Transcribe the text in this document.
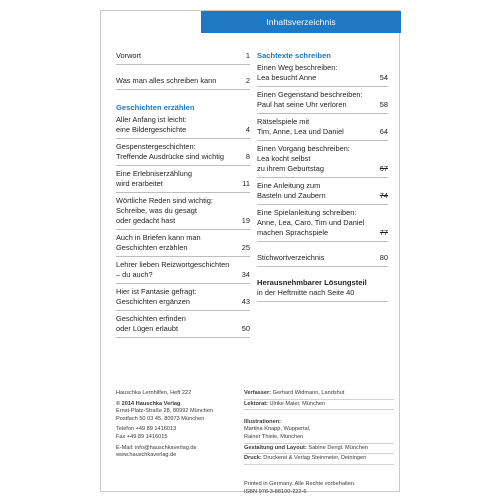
Inhaltsverzeichnis
Vorwort	1
Was man alles schreiben kann	2
Geschichten erzählen
Aller Anfang ist leicht:
eine Bildergeschichte	4
Gespenstergeschichten:
Treffende Ausdrücke sind wichtig	8
Eine Erlebniserzählung
wird erarbeitet	11
Wörtliche Reden sind wichtig:
Schreibe, was du gesagt
oder gedacht hast	19
Auch in Briefen kann man
Geschichten erzählen	25
Lehrer lieben Reizwortgeschichten
– du auch?	34
Hier ist Fantasie gefragt:
Geschichten ergänzen	43
Geschichten erfinden
oder Lügen erlaubt	50
Sachtexte schreiben
Einen Weg beschreiben:
Lea besucht Anne	54
Einen Gegenstand beschreiben:
Paul hat seine Uhr verloren	58
Rätselspiele mit
Tim, Anne, Lea und Daniel	64
Einen Vorgang beschreiben:
Lea kocht selbst
zu ihrem Geburtstag	67
Eine Anleitung zum
Basteln und Zaubern	74
Eine Spielanleitung schreiben:
Anne, Lea, Caro, Tim und Daniel
machen Sprachspiele	77
Stichwortverzeichnis	80
Herausnehmbarer Lösungsteil
in der Heftmitte nach Seite 40
Hauschka Lernhilfen, Heft 222
© 2014 Hauschka Verlag
Ernst-Platz-Straße 28, 80992 München
Postfach 50 03 45, 80973 München
Telefon +49 89 1416013
Fax +49 89 1416015
E-Mail: info@hauschkaverlag.de
www.hauschkaverlag.de
Verfasser: Gerhard Widmann, Landshut
Lektorat: Ulrike Maier, München

Illustrationen:
Martina Knapp, Wuppertal,
Rainer Thiele, München

Gestaltung und Layout: Sabine Dengl, München
Druck: Druckerei & Verlag Steinmeier, Deiningen

Printed in Germany. Alle Rechte vorbehalten.
ISBN 978-3-88100-222-6
